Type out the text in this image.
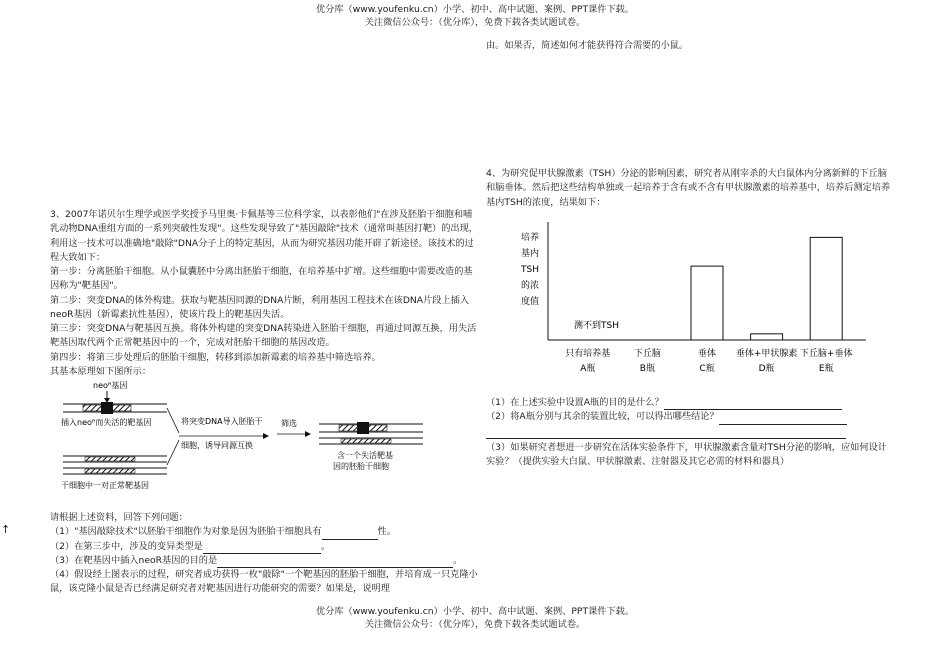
优分库（www.youfenku.cn）小学、初中、高中试题、案例、PPT课件下载。
关注微信公众号：（优分库），免费下载各类试题试卷。

由。如果否，简述如何才能获得符合需要的小鼠。

3、2007年诺贝尔生理学或医学奖授予马里奥·卡佩基等三位科学家，以表彰他们"在涉及胚胎干细胞和哺乳动物DNA重组方面的一系列突破性发现"。这些发现导致了"基因敲除"技术（通常叫基因打靶）的出现，利用这一技术可以准确地"敲除"DNA分子上的特定基因，从而为研究基因功能开辟了新途径。该技术的过程大致如下：

第一步：分离胚胎干细胞。从小鼠囊胚中分离出胚胎干细胞，在培养基中扩增。这些细胞中需要改造的基因称为"靶基因"。

第二步：突变DNA的体外构建。获取与靶基因同源的DNA片断，利用基因工程技术在该DNA片段上插入neoR基因（新霉素抗性基因），使该片段上的靶基因失活。

第三步：突变DNA与靶基因互换。将体外构建的突变DNA转染进入胚胎干细胞，再通过同源互换，用失活靶基因取代两个正常靶基因中的一个，完成对胚胎干细胞的基因改造。

第四步：将第三步处理后的胚胎干细胞，转移到添加新霉素的培养基中筛选培养。

其基本原理如下图所示：

neoᴿ基因
插入neoᴿ而失活的靶基因
干细胞中一对正常靶基因
将突变DNA导入胚胎干
细胞，诱导同源互换
筛选
含一个失活靶基
因的胚胎干细胞
↑

请根据上述资料，回答下列问题：

（1）"基因敲除技术"以胚胎干细胞作为对象是因为胚胎干细胞具有	性。

（2）在第三步中，涉及的变异类型是	。

（3）在靶基因中插入neoR基因的目的是	。

（4）假设经上图表示的过程，研究者成功获得一枚"敲除"一个靶基因的胚胎干细胞，并培育成一只克隆小鼠，该克隆小鼠是否已经满足研究者对靶基因进行功能研究的需要？如果是，说明理

4、为研究促甲状腺激素（TSH）分泌的影响因素，研究者从刚宰杀的大白鼠体内分离新鲜的下丘脑和脑垂体。然后把这些结构单独或一起培养于含有或不含有甲状腺激素的培养基中，培养后测定培养基内TSH的浓度，结果如下：

培养
基内
TSH
的浓
度值
测不到TSH
只有培养基
A瓶
下丘脑
B瓶
垂体
C瓶
垂体+甲状腺素
D瓶
下丘脑+垂体
E瓶

（1）在上述实验中设置A瓶的目的是什么？

（2）将A瓶分别与其余的装置比较，可以得出哪些结论？

（3）如果研究者想进一步研究在活体实验条件下，甲状腺激素含量对TSH分泌的影响，应如何设计实验？（提供实验大白鼠、甲状腺激素、注射器及其它必需的材料和器具）

优分库（www.youfenku.cn）小学、初中、高中试题、案例、PPT课件下载。
关注微信公众号：（优分库），免费下载各类试题试卷。
